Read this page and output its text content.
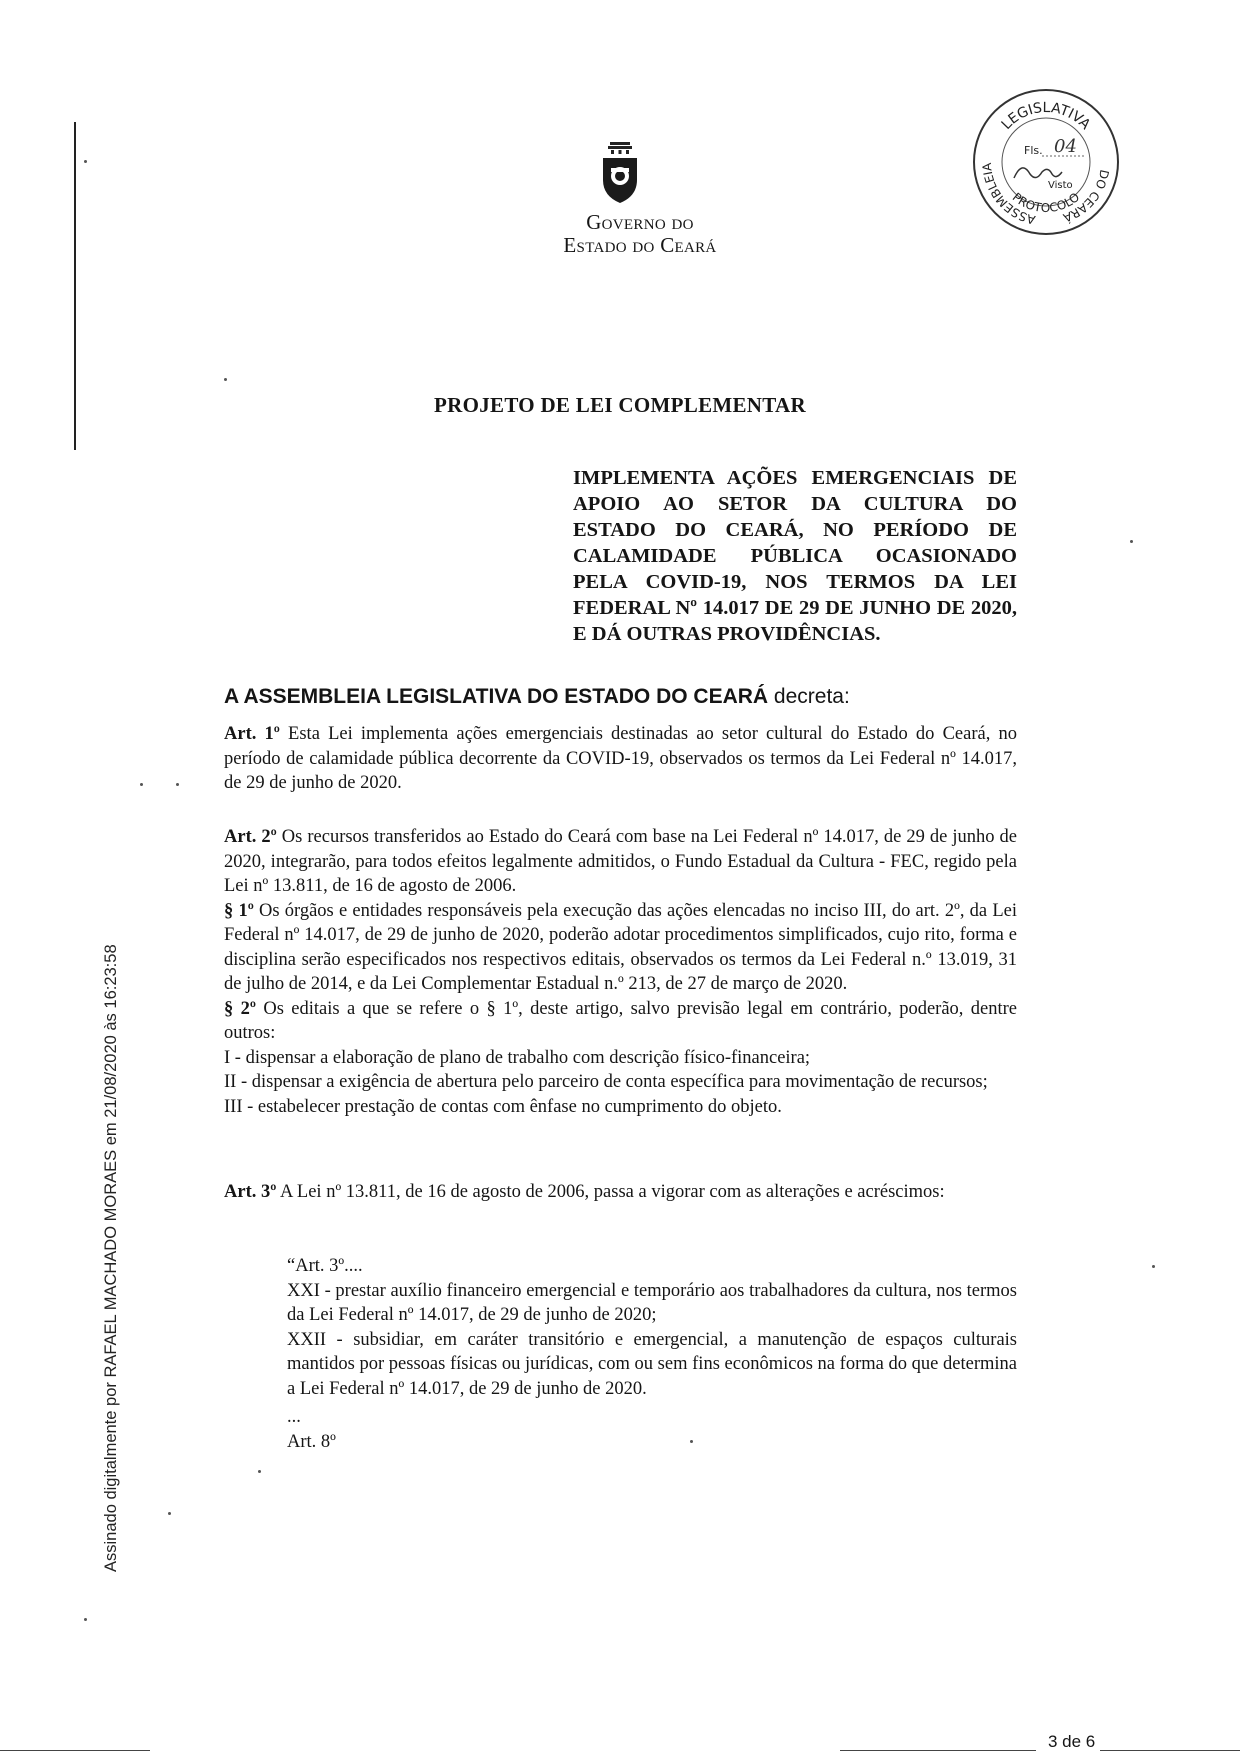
Assinado digitalmente por RAFAEL MACHADO MORAES em 21/08/2020 às 16:23:58
Governo do
Estado do Ceará
LEGISLATIVA
ASSEMBLEIA
DO CEARÁ
PROTOCOLO
Fls. 04
Visto
PROJETO DE LEI COMPLEMENTAR
IMPLEMENTA AÇÕES EMERGENCIAIS DE
APOIO AO SETOR DA CULTURA DO
ESTADO DO CEARÁ, NO PERÍODO DE
CALAMIDADE PÚBLICA OCASIONADO
PELA COVID-19, NOS TERMOS DA LEI
FEDERAL Nº 14.017 DE 29 DE JUNHO DE 2020,
E DÁ OUTRAS PROVIDÊNCIAS.
A ASSEMBLEIA LEGISLATIVA DO ESTADO DO CEARÁ decreta:

Art. 1º Esta Lei implementa ações emergenciais destinadas ao setor cultural do Estado do Ceará, no período de calamidade pública decorrente da COVID-19, observados os termos da Lei Federal nº 14.017, de 29 de junho de 2020.

Art. 2º Os recursos transferidos ao Estado do Ceará com base na Lei Federal nº 14.017, de 29 de junho de 2020, integrarão, para todos efeitos legalmente admitidos, o Fundo Estadual da Cultura - FEC, regido pela Lei nº 13.811, de 16 de agosto de 2006.

§ 1º Os órgãos e entidades responsáveis pela execução das ações elencadas no inciso III, do art. 2º, da Lei Federal nº 14.017, de 29 de junho de 2020, poderão adotar procedimentos simplificados, cujo rito, forma e disciplina serão especificados nos respectivos editais, observados os termos da Lei Federal n.º 13.019, 31 de julho de 2014, e da Lei Complementar Estadual n.º 213, de 27 de março de 2020.

§ 2º Os editais a que se refere o § 1º, deste artigo, salvo previsão legal em contrário, poderão, dentre outros:

I - dispensar a elaboração de plano de trabalho com descrição físico-financeira;

II - dispensar a exigência de abertura pelo parceiro de conta específica para movimentação de recursos;

III - estabelecer prestação de contas com ênfase no cumprimento do objeto.

Art. 3º A Lei nº 13.811, de 16 de agosto de 2006, passa a vigorar com as alterações e acréscimos:

“Art. 3º....

XXI - prestar auxílio financeiro emergencial e temporário aos trabalhadores da cultura, nos termos da Lei Federal nº 14.017, de 29 de junho de 2020;

XXII - subsidiar, em caráter transitório e emergencial, a manutenção de espaços culturais mantidos por pessoas físicas ou jurídicas, com ou sem fins econômicos na forma do que determina a Lei Federal nº 14.017, de 29 de junho de 2020.

...

Art. 8º

3 de 6
